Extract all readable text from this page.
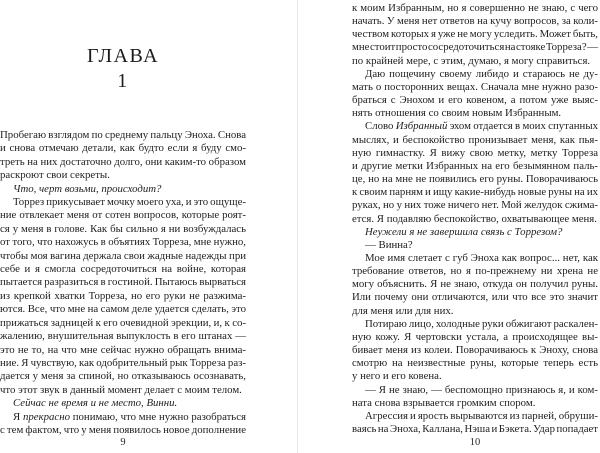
ГЛАВА
1
Пробегаю взглядом по среднему пальцу Эноха. Снова
и снова отмечаю детали, как будто если я буду смо-
треть на них достаточно долго, они каким-то образом
раскроют свои секреты.
Что, черт возьми, происходит?
Торрез прикусывает мочку моего уха, и это ощуще-
ние отвлекает меня от сотен вопросов, которые роят-
ся у меня в голове. Как бы сильно я ни возбуждалась
от того, что нахожусь в объятиях Торреза, мне нужно,
чтобы моя вагина держала свои жадные надежды при
себе и я смогла сосредоточиться на войне, которая
пытается разразиться в гостиной. Пытаюсь вырваться
из крепкой хватки Торреза, но его руки не разжима-
ются. Все, что мне на самом деле удается сделать, это
прижаться задницей к его очевидной эрекции, и, к со-
жалению, внушительная выпуклость в его штанах —
это не то, на что мне сейчас нужно обращать внима-
ние. Я чувствую, как одобрительный рык Торреза раз-
дается у меня за спиной, но отказываюсь осознавать,
что этот звук в данный момент делает с моим телом.
Сейчас не время и не место, Винни.
Я прекрасно понимаю, что мне нужно разобраться
с тем фактом, что у меня появилось новое дополнение
9
к моим Избранным, но я совершенно не знаю, с чего
начать. У меня нет ответов на кучу вопросов, за коли-
чеством которых я уже не могу уследить. Может быть,
мне стоит просто сосредоточиться на стояке Торреза? —
по крайней мере, с этим, думаю, я могу справиться.
Даю пощечину своему либидо и стараюсь не ду-
мать о посторонних вещах. Сначала мне нужно разо-
браться с Энохом и его ковеном, а потом уже выяс-
нять отношения со своим новым Избранным.
Слово Избранный эхом отдается в моих спутанных
мыслях, и беспокойство пронизывает меня, как пья-
ную гимнастку. Я вижу свою метку, метку Торреза
и другие метки Избранных на его безымянном паль-
це, но на мне не появились его руны. Поворачиваюсь
к своим парням и ищу какие-нибудь новые руны на их
руках, но у них тоже ничего нет. Мой желудок сжима-
ется. Я подавляю беспокойство, охватывающее меня.
Неужели я не завершила связь с Торрезом?
— Винна?
Мое имя слетает с губ Эноха как вопрос... нет, как
требование ответов, но я по-прежнему ни хрена не
могу объяснить. Я не знаю, откуда он получил руны.
Или почему они отличаются, или что все это значит
для меня или для них.
Потираю лицо, холодные руки обжигают раскален-
ную кожу. Я чертовски устала, а происходящее вы-
бивает меня из колеи. Поворачиваюсь к Эноху, снова
смотрю на неизвестные руны, которые теперь есть
у него и его ковена.
— Я не знаю, — беспомощно признаюсь я, и ком-
ната снова взрывается громким спором.
Агрессия и ярость вырываются из парней, обруши-
ваясь на Эноха, Каллана, Нэша и Бэкета. Удар попадает
10
